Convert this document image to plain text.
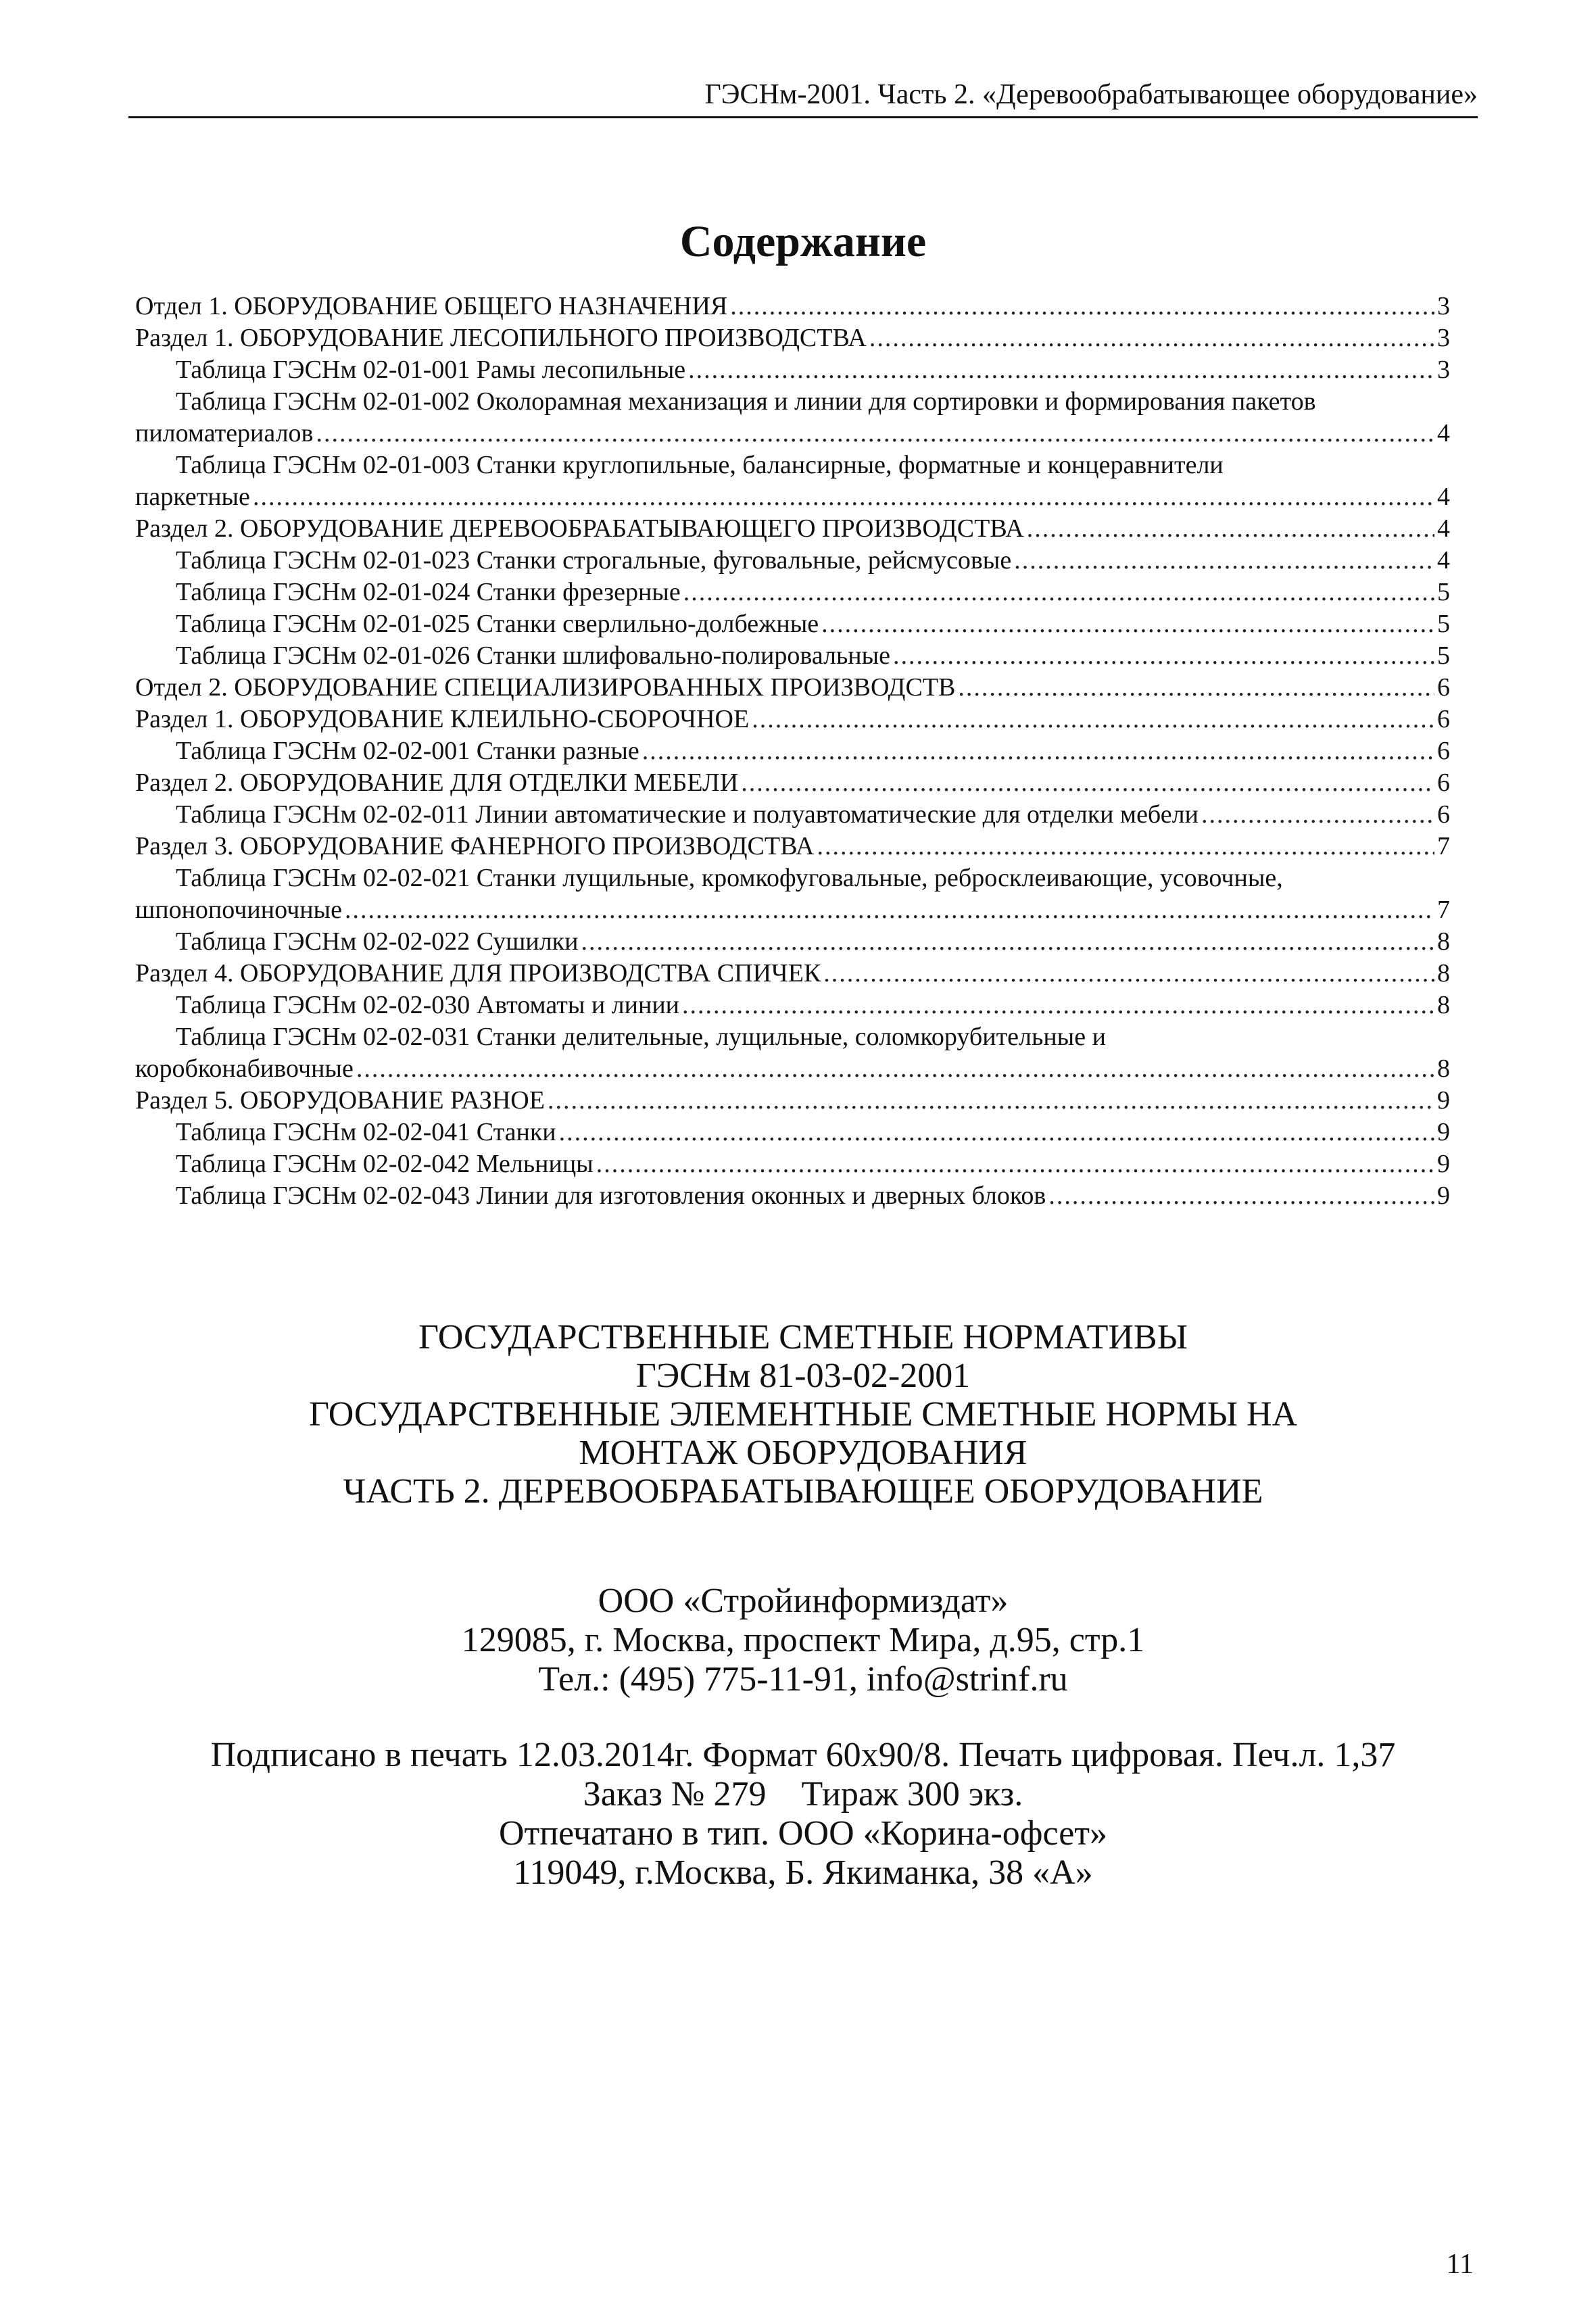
ГЭСНм-2001. Часть 2. «Деревообрабатывающее оборудование»
Содержание
Отдел 1. ОБОРУДОВАНИЕ ОБЩЕГО НАЗНАЧЕНИЯ .....	3
Раздел 1. ОБОРУДОВАНИЕ ЛЕСОПИЛЬНОГО ПРОИЗВОДСТВА .....	3
Таблица ГЭСНм 02-01-001 Рамы лесопильные .....	3
Таблица ГЭСНм 02-01-002 Околорамная механизация и линии для сортировки и формирования пакетов
пиломатериалов .....	4
Таблица ГЭСНм 02-01-003 Станки круглопильные, балансирные, форматные и концеравнители
паркетные .....	4
Раздел 2. ОБОРУДОВАНИЕ ДЕРЕВООБРАБАТЫВАЮЩЕГО ПРОИЗВОДСТВА .....	4
Таблица ГЭСНм 02-01-023 Станки строгальные, фуговальные, рейсмусовые .....	4
Таблица ГЭСНм 02-01-024 Станки фрезерные .....	5
Таблица ГЭСНм 02-01-025 Станки сверлильно-долбежные .....	5
Таблица ГЭСНм 02-01-026 Станки шлифовально-полировальные .....	5
Отдел 2. ОБОРУДОВАНИЕ СПЕЦИАЛИЗИРОВАННЫХ ПРОИЗВОДСТВ .....	6
Раздел 1. ОБОРУДОВАНИЕ КЛЕИЛЬНО-СБОРОЧНОЕ .....	6
Таблица ГЭСНм 02-02-001 Станки разные .....	6
Раздел 2. ОБОРУДОВАНИЕ ДЛЯ ОТДЕЛКИ МЕБЕЛИ .....	6
Таблица ГЭСНм 02-02-011 Линии автоматические и полуавтоматические для отделки мебели .....	6
Раздел 3. ОБОРУДОВАНИЕ ФАНЕРНОГО ПРОИЗВОДСТВА .....	7
Таблица ГЭСНм 02-02-021 Станки лущильные, кромкофуговальные, ребросклеивающие, усовочные,
шпонопочиночные .....	7
Таблица ГЭСНм 02-02-022 Сушилки .....	8
Раздел 4. ОБОРУДОВАНИЕ ДЛЯ ПРОИЗВОДСТВА СПИЧЕК .....	8
Таблица ГЭСНм 02-02-030 Автоматы и линии .....	8
Таблица ГЭСНм 02-02-031 Станки делительные, лущильные, соломкорубительные и
коробконабивочные .....	8
Раздел 5. ОБОРУДОВАНИЕ РАЗНОЕ .....	9
Таблица ГЭСНм 02-02-041 Станки .....	9
Таблица ГЭСНм 02-02-042 Мельницы .....	9
Таблица ГЭСНм 02-02-043 Линии для изготовления оконных и дверных блоков .....	9
ГОСУДАРСТВЕННЫЕ СМЕТНЫЕ НОРМАТИВЫ
ГЭСНм 81-03-02-2001
ГОСУДАРСТВЕННЫЕ ЭЛЕМЕНТНЫЕ СМЕТНЫЕ НОРМЫ НА
МОНТАЖ ОБОРУДОВАНИЯ
ЧАСТЬ 2. ДЕРЕВООБРАБАТЫВАЮЩЕЕ ОБОРУДОВАНИЕ
ООО «Стройинформиздат»
129085, г. Москва, проспект Мира, д.95, стр.1
Тел.: (495) 775-11-91, info@strinf.ru
Подписано в печать 12.03.2014г. Формат 60х90/8. Печать цифровая. Печ.л. 1,37
Заказ № 279    Тираж 300 экз.
Отпечатано в тип. ООО «Корина-офсет»
119049, г.Москва, Б. Якиманка, 38 «А»
11
